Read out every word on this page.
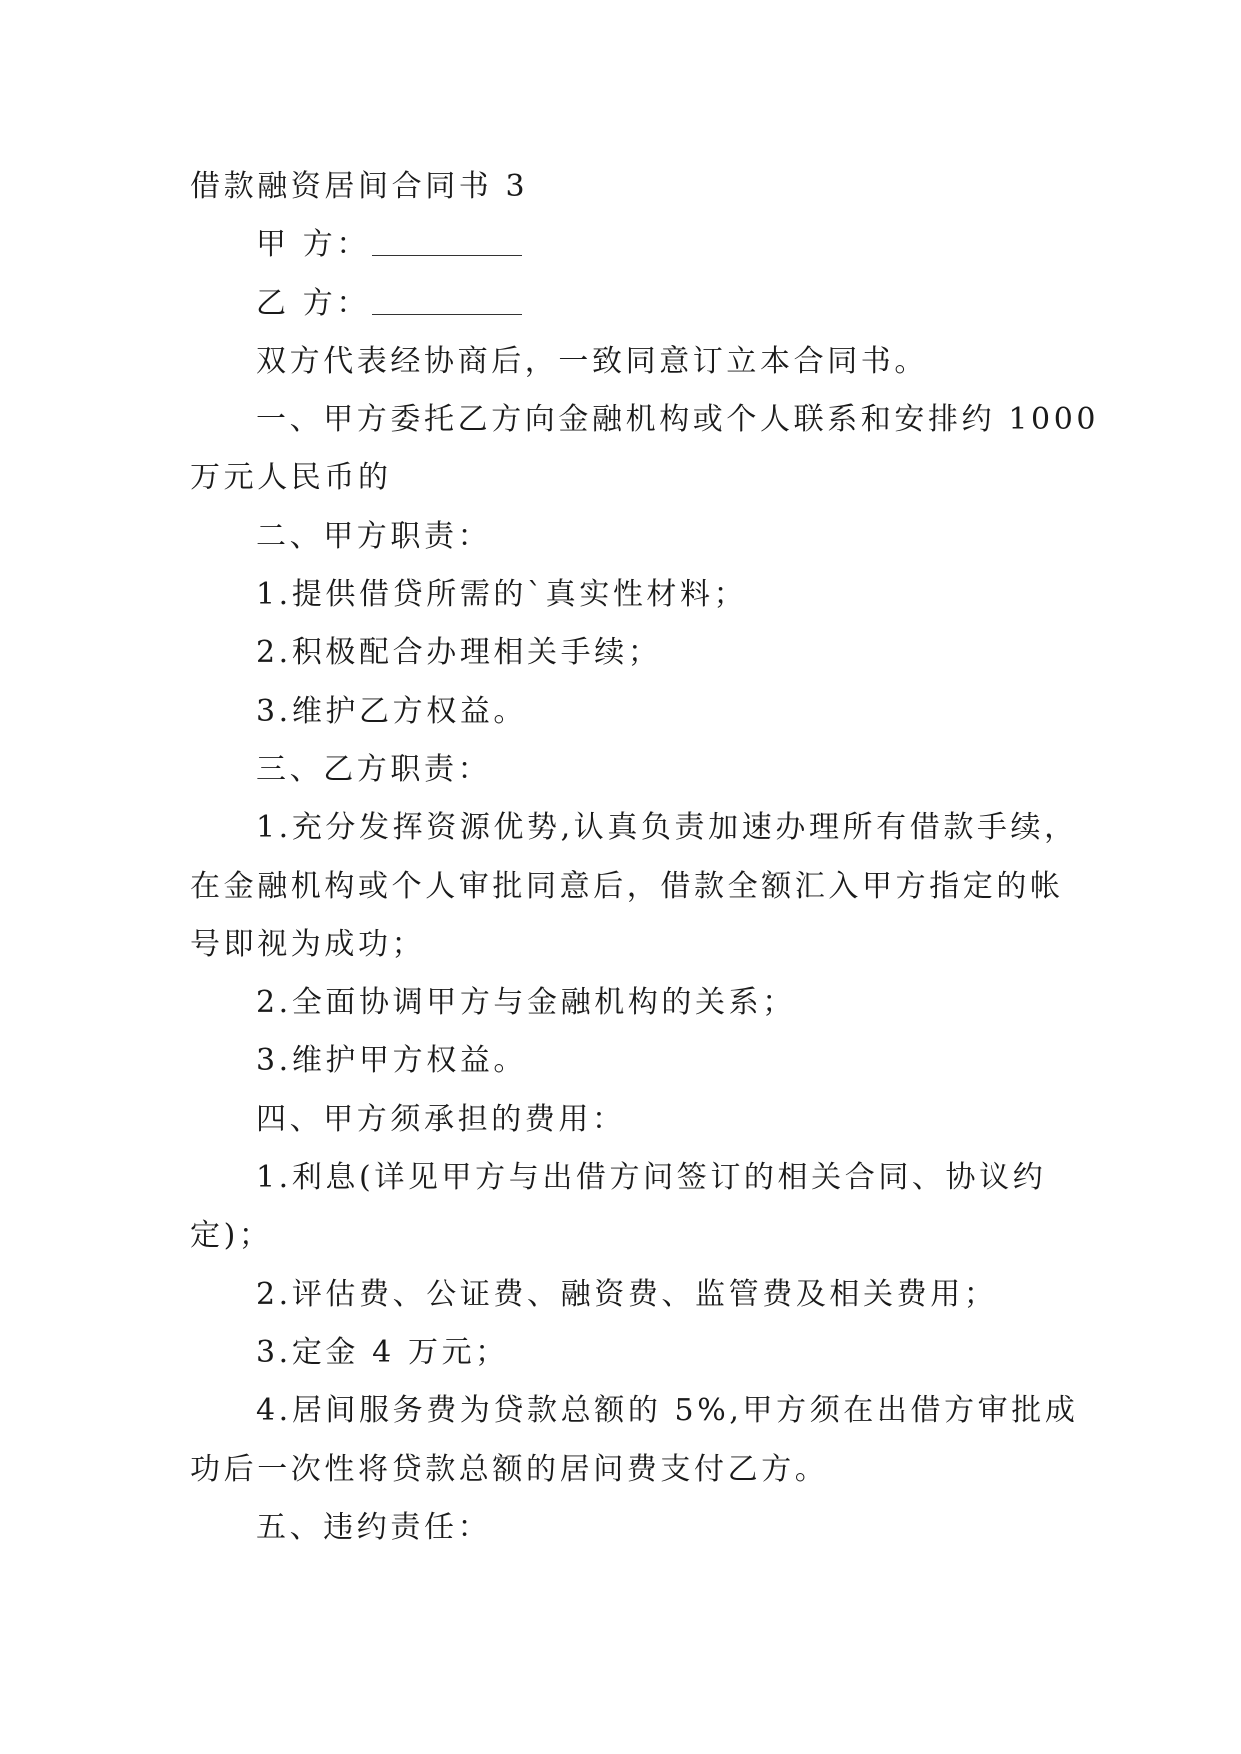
借款融资居间合同书 3

甲 方：

乙 方：

双方代表经协商后，一致同意订立本合同书。

一、甲方委托乙方向金融机构或个人联系和安排约 1000

万元人民币的

二、甲方职责：

1.提供借贷所需的`真实性材料；

2.积极配合办理相关手续；

3.维护乙方权益。

三、乙方职责：

1.充分发挥资源优势,认真负责加速办理所有借款手续，

在金融机构或个人审批同意后，借款全额汇入甲方指定的帐

号即视为成功；

2.全面协调甲方与金融机构的关系；

3.维护甲方权益。

四、甲方须承担的费用：

1.利息(详见甲方与出借方问签订的相关合同、协议约

定)；

2.评估费、公证费、融资费、监管费及相关费用；

3.定金 4 万元；

4.居间服务费为贷款总额的 5%,甲方须在出借方审批成

功后一次性将贷款总额的居问费支付乙方。

五、违约责任：
